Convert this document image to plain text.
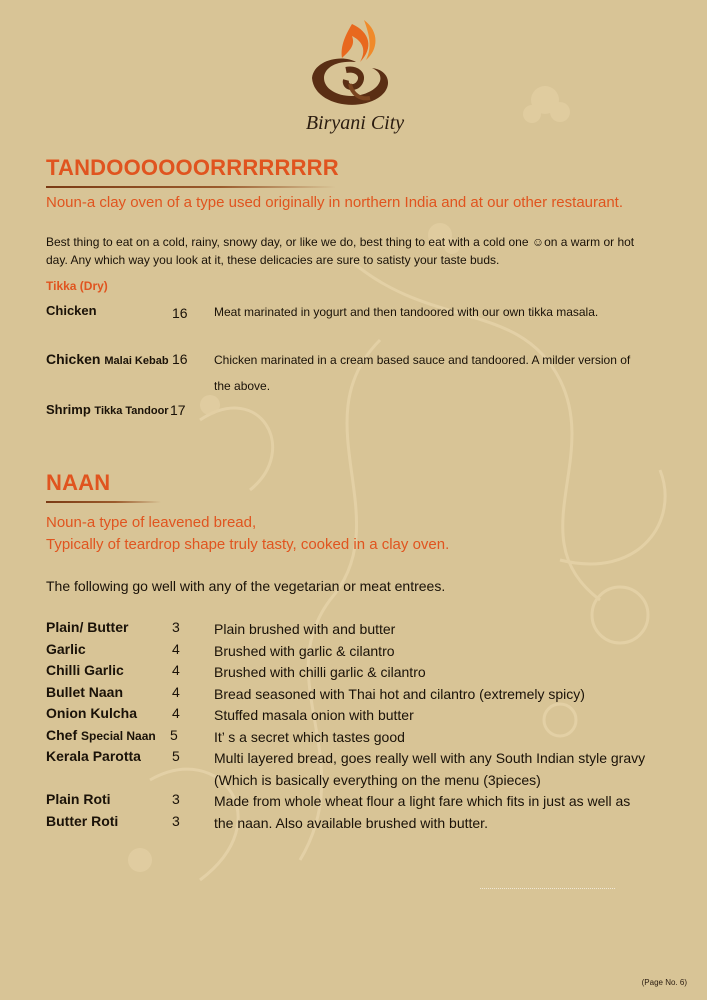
Biryani City
TANDOOOOOORRRRRRRR
Noun-a clay oven of a type used originally in northern India and at our other restaurant.
Best thing to eat on a cold, rainy, snowy day, or like we do, best thing to eat with a cold one ☺on a warm or hot
day. Any which way you look at it, these delicacies are sure to satisty your taste buds.
Tikka (Dry)
Chicken	16 Meat marinated in yogurt and then tandoored with our own tikka masala.
Chicken Malai Kebab 16 Chicken marinated in a cream based sauce and tandoored. A milder version of
the above.
Shrimp Tikka Tandoor 17
NAAN
Noun-a type of leavened bread,
Typically of teardrop shape truly tasty, cooked in a clay oven.
The following go well with any of the vegetarian or meat entrees.
Plain/ Butter	3 Plain brushed with and butter
Garlic	4 Brushed with garlic & cilantro
Chilli Garlic	4 Brushed with chilli garlic & cilantro
Bullet Naan	4 Bread seasoned with Thai hot and cilantro (extremely spicy)
Onion Kulcha	4 Stuffed masala onion with butter
Chef Special Naan 5	It’ s a secret which tastes good
Kerala Parotta 5 Multi layered bread, goes really well with any South Indian style gravy
(Which is basically everything on the menu (3pieces)
Plain Roti	3 Made from whole wheat flour a light fare which fits in just as well as
Butter Roti	3 the naan. Also available brushed with butter.
(Page No. 6)
